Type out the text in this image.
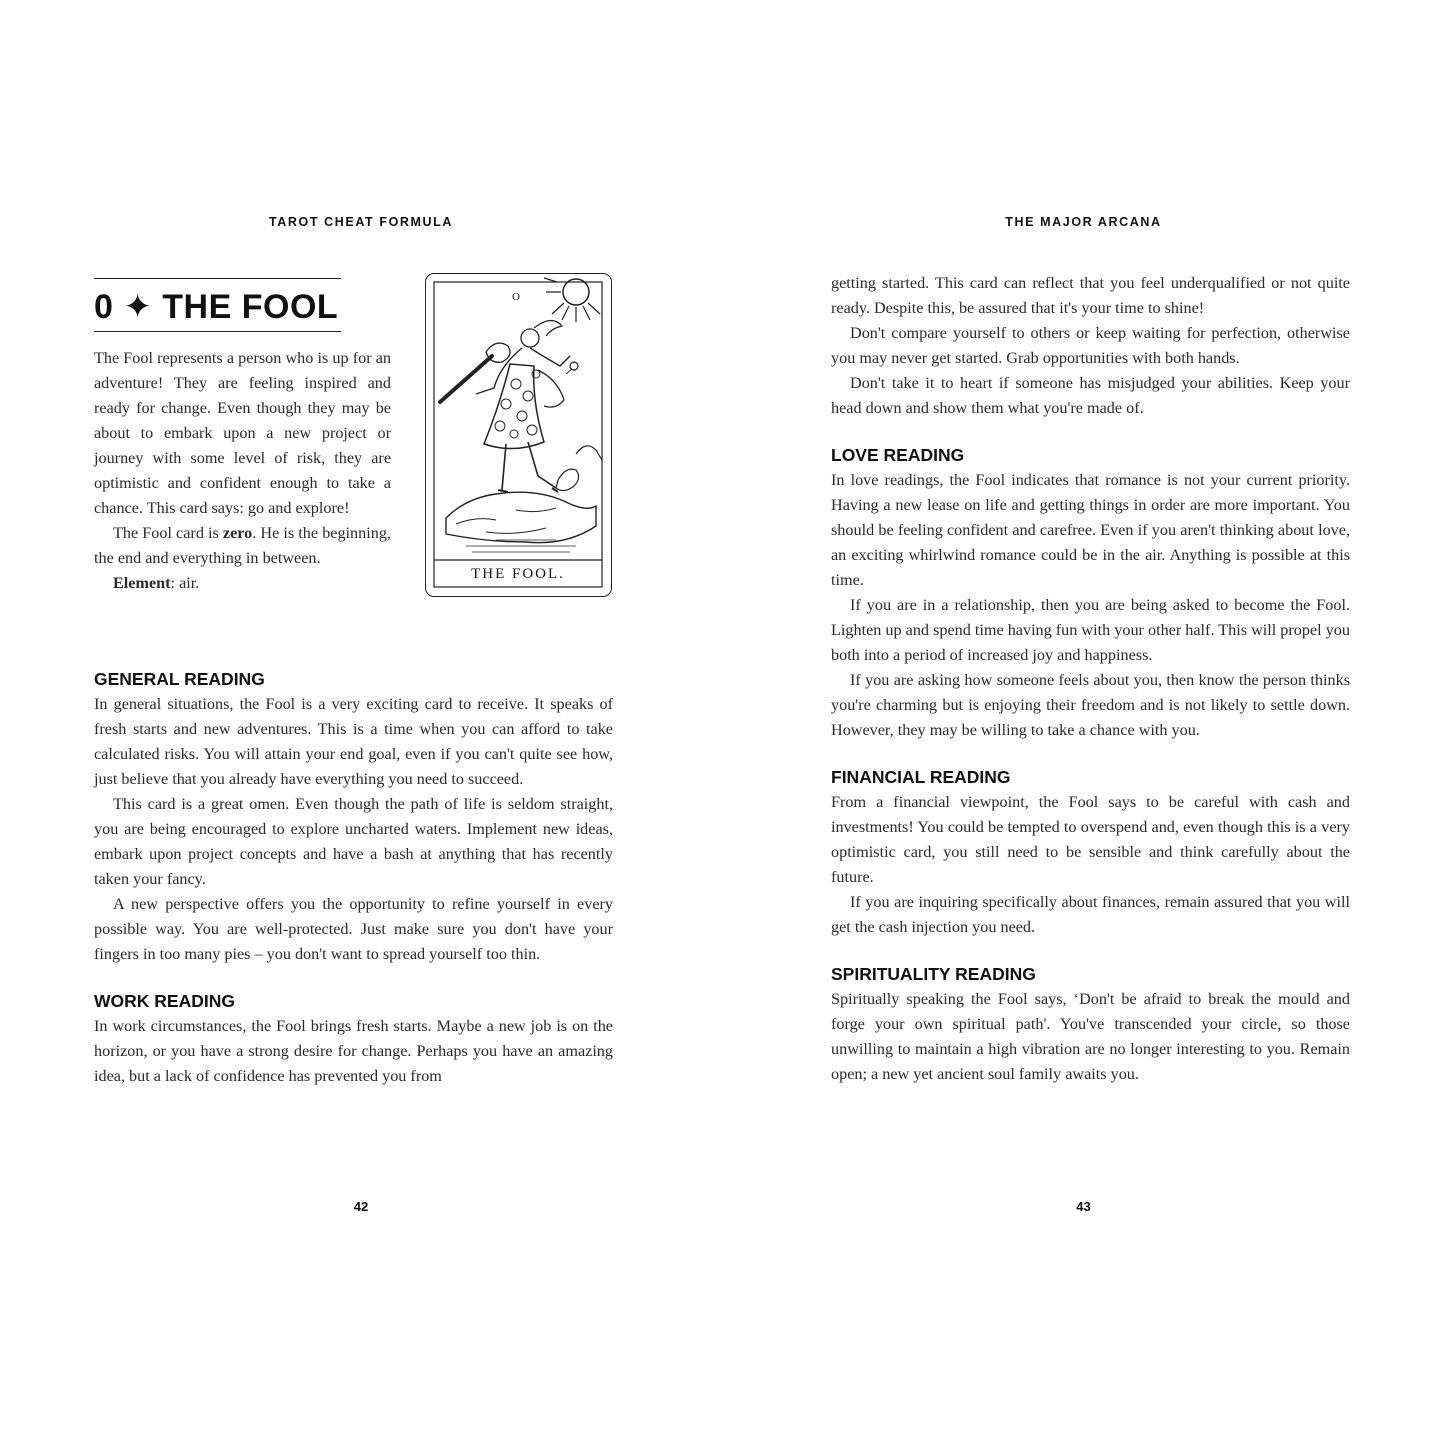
TAROT CHEAT FORMULA
0 ✦ THE FOOL	O
THE FOOL.

The Fool represents a person who is up for an adventure! They are feeling inspired and ready for change. Even though they may be about to embark upon a new project or journey with some level of risk, they are optimistic and confident enough to take a chance. This card says: go and explore!

The Fool card is zero. He is the beginning, the end and everything in between.

Element: air.

GENERAL READING

In general situations, the Fool is a very exciting card to receive. It speaks of fresh starts and new adventures. This is a time when you can afford to take calculated risks. You will attain your end goal, even if you can't quite see how, just believe that you already have everything you need to succeed.

This card is a great omen. Even though the path of life is seldom straight, you are being encouraged to explore uncharted waters. Implement new ideas, embark upon project concepts and have a bash at anything that has recently taken your fancy.

A new perspective offers you the opportunity to refine yourself in every possible way. You are well-protected. Just make sure you don't have your fingers in too many pies – you don't want to spread yourself too thin.

WORK READING

In work circumstances, the Fool brings fresh starts. Maybe a new job is on the horizon, or you have a strong desire for change. Perhaps you have an amazing idea, but a lack of confidence has prevented you from

42
THE MAJOR ARCANA

getting started. This card can reflect that you feel underqualified or not quite ready. Despite this, be assured that it's your time to shine!

Don't compare yourself to others or keep waiting for perfection, otherwise you may never get started. Grab opportunities with both hands.

Don't take it to heart if someone has misjudged your abilities. Keep your head down and show them what you're made of.

LOVE READING

In love readings, the Fool indicates that romance is not your current priority. Having a new lease on life and getting things in order are more important. You should be feeling confident and carefree. Even if you aren't thinking about love, an exciting whirlwind romance could be in the air. Anything is possible at this time.

If you are in a relationship, then you are being asked to become the Fool. Lighten up and spend time having fun with your other half. This will propel you both into a period of increased joy and happiness.

If you are asking how someone feels about you, then know the person thinks you're charming but is enjoying their freedom and is not likely to settle down. However, they may be willing to take a chance with you.

FINANCIAL READING

From a financial viewpoint, the Fool says to be careful with cash and investments! You could be tempted to overspend and, even though this is a very optimistic card, you still need to be sensible and think carefully about the future.

If you are inquiring specifically about finances, remain assured that you will get the cash injection you need.

SPIRITUALITY READING

Spiritually speaking the Fool says, ‘Don't be afraid to break the mould and forge your own spiritual path'. You've transcended your circle, so those unwilling to maintain a high vibration are no longer interesting to you. Remain open; a new yet ancient soul family awaits you.

43
